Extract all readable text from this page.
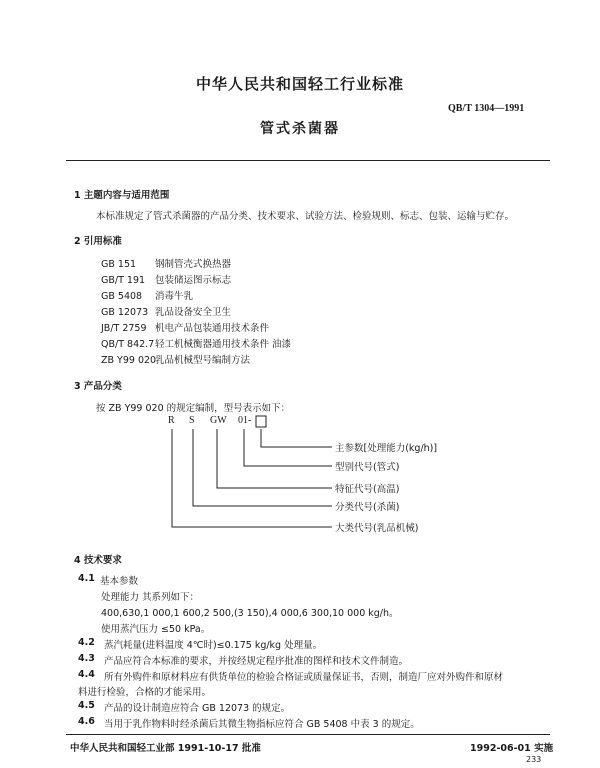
中华人民共和国轻工行业标准
QB/T 1304—1991
管式杀菌器
1 主题内容与适用范围
本标准规定了管式杀菌器的产品分类、技术要求、试验方法、检验规则、标志、包装、运输与贮存。
2 引用标准
GB 151 钢制管壳式换热器
GB/T 191 包装储运图示标志
GB 5408 消毒牛乳
GB 12073 乳品设备安全卫生
JB/T 2759 机电产品包装通用技术条件
QB/T 842.7轻工机械衡器通用技术条件 油漆
ZB Y99 020乳品机械型号编制方法
3 产品分类
按 ZB Y99 020 的规定编制，型号表示如下：
R S GW 01-
主参数[处理能力(kg/h)]
型别代号(管式)
特征代号(高温)
分类代号(杀菌)
大类代号(乳品机械)
4 技术要求
4.1 基本参数
处理能力 其系列如下：
400,630,1 000,1 600,2 500,(3 150),4 000,6 300,10 000 kg/h。
使用蒸汽压力 ≤50 kPa。
4.2 蒸汽耗量(进料温度 4℃时)≤0.175 kg/kg 处理量。
4.3 产品应符合本标准的要求，并按经规定程序批准的图样和技术文件制造。
4.4 所有外购件和原材料应有供货单位的检验合格证或质量保证书，否则，制造厂应对外购件和原材
料进行检验，合格的才能采用。
4.5 产品的设计制造应符合 GB 12073 的规定。
4.6 当用于乳作物料时经杀菌后其微生物指标应符合 GB 5408 中表 3 的规定。
中华人民共和国轻工业部 1991-10-17 批准	1992-06-01 实施
233
